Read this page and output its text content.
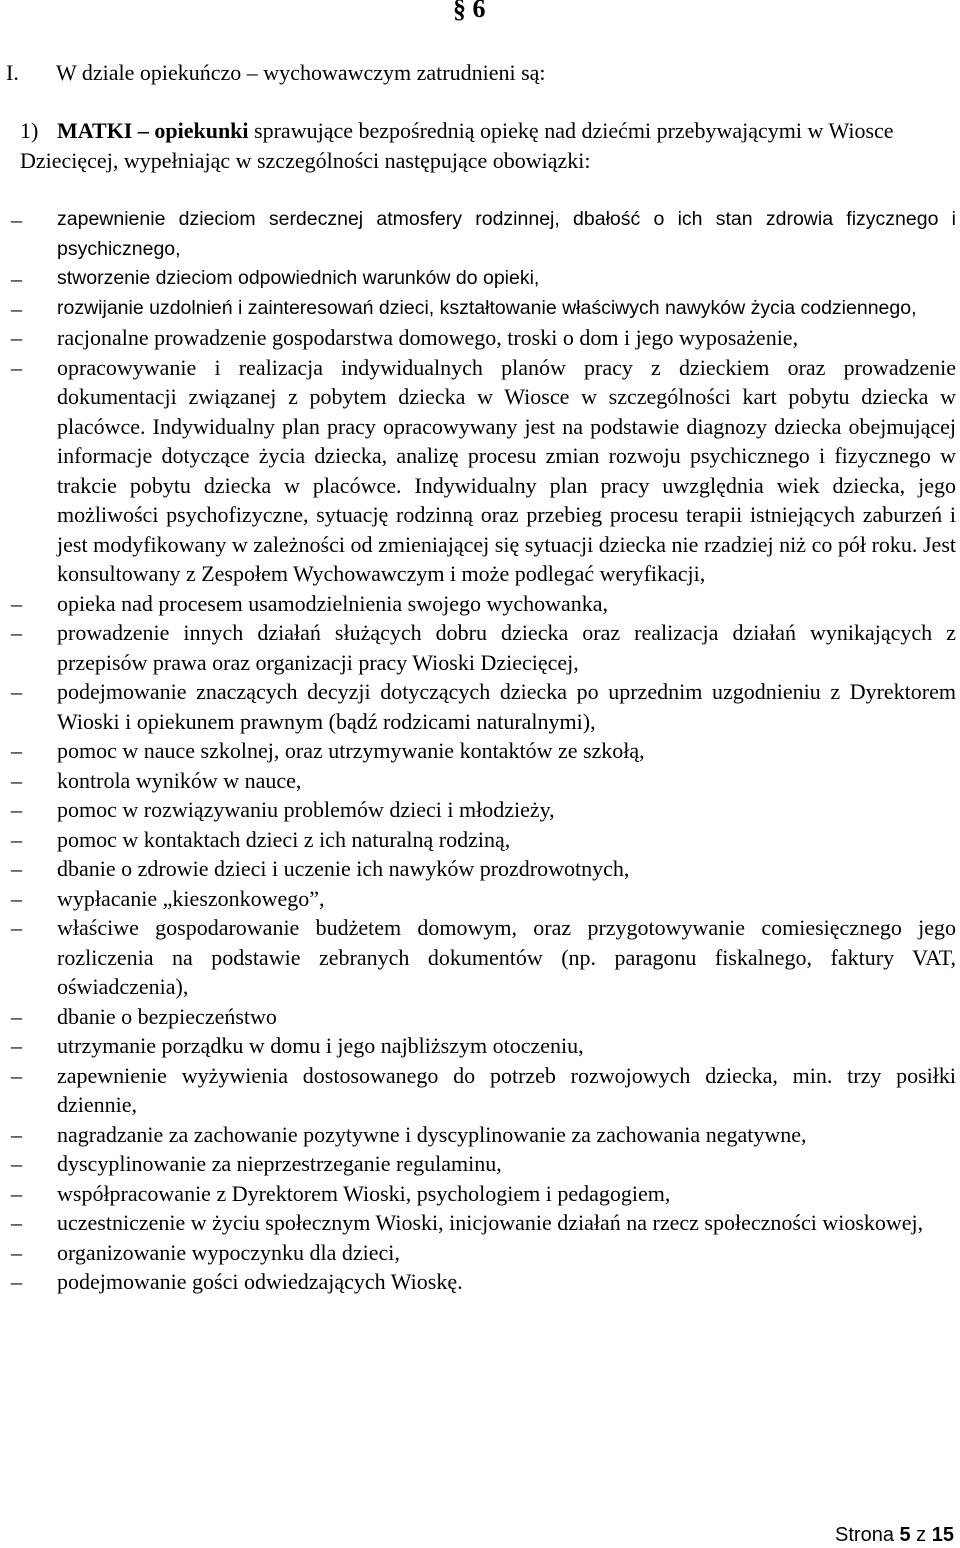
§ 6
I. W dziale opiekuńczo – wychowawczym zatrudnieni są:
1) MATKI – opiekunki sprawujące bezpośrednią opiekę nad dziećmi przebywającymi w Wiosce Dziecięcej, wypełniając w szczególności następujące obowiązki:
– zapewnienie dzieciom serdecznej atmosfery rodzinnej, dbałość o ich stan zdrowia fizycznego i psychicznego,
– stworzenie dzieciom odpowiednich warunków do opieki,
– rozwijanie uzdolnień i zainteresowań dzieci, kształtowanie właściwych nawyków życia codziennego,
– racjonalne prowadzenie gospodarstwa domowego, troski o dom i jego wyposażenie,
– opracowywanie i realizacja indywidualnych planów pracy z dzieckiem oraz prowadzenie dokumentacji związanej z pobytem dziecka w Wiosce w szczególności kart pobytu dziecka w placówce. Indywidualny plan pracy opracowywany jest na podstawie diagnozy dziecka obejmującej informacje dotyczące życia dziecka, analizę procesu zmian rozwoju psychicznego i fizycznego w trakcie pobytu dziecka w placówce. Indywidualny plan pracy uwzględnia wiek dziecka, jego możliwości psychofizyczne, sytuację rodzinną oraz przebieg procesu terapii istniejących zaburzeń i jest modyfikowany w zależności od zmieniającej się sytuacji dziecka nie rzadziej niż co pół roku. Jest konsultowany z Zespołem Wychowawczym i może podlegać weryfikacji,
– opieka nad procesem usamodzielnienia swojego wychowanka,
– prowadzenie innych działań służących dobru dziecka oraz realizacja działań wynikających z przepisów prawa oraz organizacji pracy Wioski Dziecięcej,
– podejmowanie znaczących decyzji dotyczących dziecka po uprzednim uzgodnieniu z Dyrektorem Wioski i opiekunem prawnym (bądź rodzicami naturalnymi),
– pomoc w nauce szkolnej, oraz utrzymywanie kontaktów ze szkołą,
– kontrola wyników w nauce,
– pomoc w rozwiązywaniu problemów dzieci i młodzieży,
– pomoc w kontaktach dzieci z ich naturalną rodziną,
– dbanie o zdrowie dzieci i uczenie ich nawyków prozdrowotnych,
– wypłacanie „kieszonkowego”,
– właściwe gospodarowanie budżetem domowym, oraz przygotowywanie comiesięcznego jego rozliczenia na podstawie zebranych dokumentów (np. paragonu fiskalnego, faktury VAT, oświadczenia),
– dbanie o bezpieczeństwo
– utrzymanie porządku w domu i jego najbliższym otoczeniu,
– zapewnienie wyżywienia dostosowanego do potrzeb rozwojowych dziecka, min. trzy posiłki dziennie,
– nagradzanie za zachowanie pozytywne i dyscyplinowanie za zachowania negatywne,
– dyscyplinowanie za nieprzestrzeganie regulaminu,
– współpracowanie z Dyrektorem Wioski, psychologiem i pedagogiem,
– uczestniczenie w życiu społecznym Wioski, inicjowanie działań na rzecz społeczności wioskowej,
– organizowanie wypoczynku dla dzieci,
– podejmowanie gości odwiedzających Wioskę.
Strona 5 z 15
